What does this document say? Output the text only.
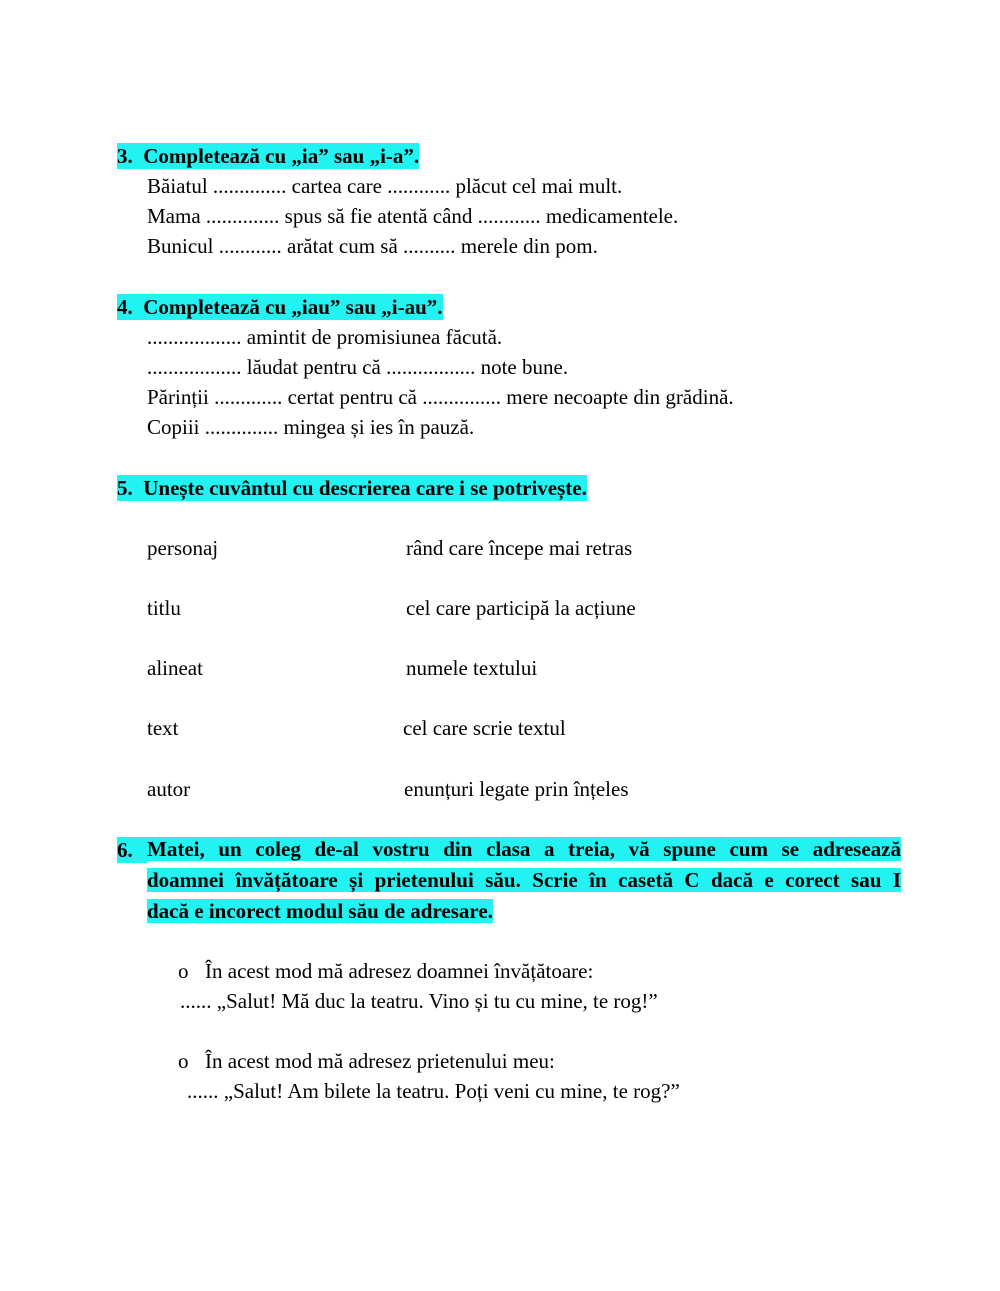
3. Completează cu „ia” sau „i-a”.
Băiatul .............. cartea care ............ plăcut cel mai mult.
Mama .............. spus să fie atentă când ............ medicamentele.
Bunicul ............ arătat cum să .......... merele din pom.
4. Completează cu „iau” sau „i-au”.
.................. amintit de promisiunea făcută.
.................. lăudat pentru că ................. note bune.
Părinții ............. certat pentru că ............... mere necoapte din grădină.
Copiii .............. mingea și ies în pauză.
5. Unește cuvântul cu descrierea care i se potrivește.
personaj	rând care începe mai retras
titlu	cel care participă la acțiune
alineat	numele textului
text	cel care scrie textul
autor	enunțuri legate prin înțeles
6. Matei, un coleg de-al vostru din clasa a treia, vă spune cum se adresează
doamnei învățătoare și prietenului său. Scrie în casetă C dacă e corect sau I
dacă e incorect modul său de adresare.
o În acest mod mă adresez doamnei învățătoare:
...... „Salut! Mă duc la teatru. Vino și tu cu mine, te rog!”
o În acest mod mă adresez prietenului meu:
...... „Salut! Am bilete la teatru. Poți veni cu mine, te rog?”
